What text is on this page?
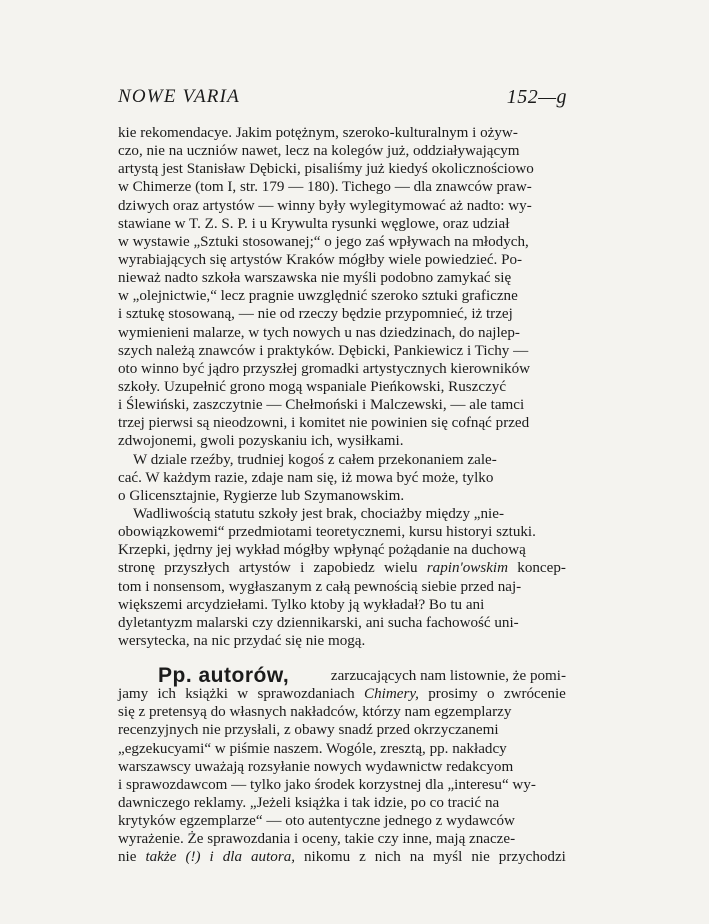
NOWE VARIA	152—g
kie rekomendacye. Jakim potężnym, szeroko-kulturalnym i ożyw-
czo, nie na uczniów nawet, lecz na kolegów już, oddziaływającym
artystą jest Stanisław Dębicki, pisaliśmy już kiedyś okolicznościowo
w Chimerze (tom I, str. 179 — 180). Tichego — dla znawców praw-
dziwych oraz artystów — winny były wylegitymować aż nadto: wy-
stawiane w T. Z. S. P. i u Krywulta rysunki węglowe, oraz udział
w wystawie „Sztuki stosowanej;“ o jego zaś wpływach na młodych,
wyrabiających się artystów Kraków mógłby wiele powiedzieć. Po-
nieważ nadto szkoła warszawska nie myśli podobno zamykać się
w „olejnictwie,“ lecz pragnie uwzględnić szeroko sztuki graficzne
i sztukę stosowaną, — nie od rzeczy będzie przypomnieć, iż trzej
wymienieni malarze, w tych nowych u nas dziedzinach, do najlep-
szych należą znawców i praktyków. Dębicki, Pankiewicz i Tichy —
oto winno być jądro przyszłej gromadki artystycznych kierowników
szkoły. Uzupełnić grono mogą wspaniale Pieńkowski, Ruszczyć
i Ślewiński, zaszczytnie — Chełmoński i Malczewski, — ale tamci
trzej pierwsi są nieodzowni, i komitet nie powinien się cofnąć przed
zdwojonemi, gwoli pozyskaniu ich, wysiłkami.
W dziale rzeźby, trudniej kogoś z całem przekonaniem zale-
cać. W każdym razie, zdaje nam się, iż mowa być może, tylko
o Glicensztajnie, Rygierze lub Szymanowskim.
Wadliwością statutu szkoły jest brak, chociażby między „nie-
obowiązkowemi“ przedmiotami teoretycznemi, kursu historyi sztuki.
Krzepki, jędrny jej wykład mógłby wpłynąć pożądanie na duchową
stronę przyszłych artystów i zapobiedz wielu rapin'owskim koncep-
tom i nonsensom, wygłaszanym z całą pewnością siebie przed naj-
większemi arcydziełami. Tylko ktoby ją wykładał? Bo tu ani
dyletantyzm malarski czy dziennikarski, ani sucha fachowość uni-
wersytecka, na nic przydać się nie mogą.
Pp. autorów,	zarzucających nam listownie, że pomi-
jamy ich książki w sprawozdaniach Chimery, prosimy o zwrócenie
się z pretensyą do własnych nakładców, którzy nam egzemplarzy
recenzyjnych nie przysłali, z obawy snadź przed okrzyczanemi
„egzekucyami“ w piśmie naszem. Wogóle, zresztą, pp. nakładcy
warszawscy uważają rozsyłanie nowych wydawnictw redakcyom
i sprawozdawcom — tylko jako środek korzystnej dla „interesu“ wy-
dawniczego reklamy. „Jeżeli książka i tak idzie, po co tracić na
krytyków egzemplarze“ — oto autentyczne jednego z wydawców
wyrażenie. Że sprawozdania i oceny, takie czy inne, mają znacze-
nie także (!) i dla autora, nikomu z nich na myśl nie przychodzi
